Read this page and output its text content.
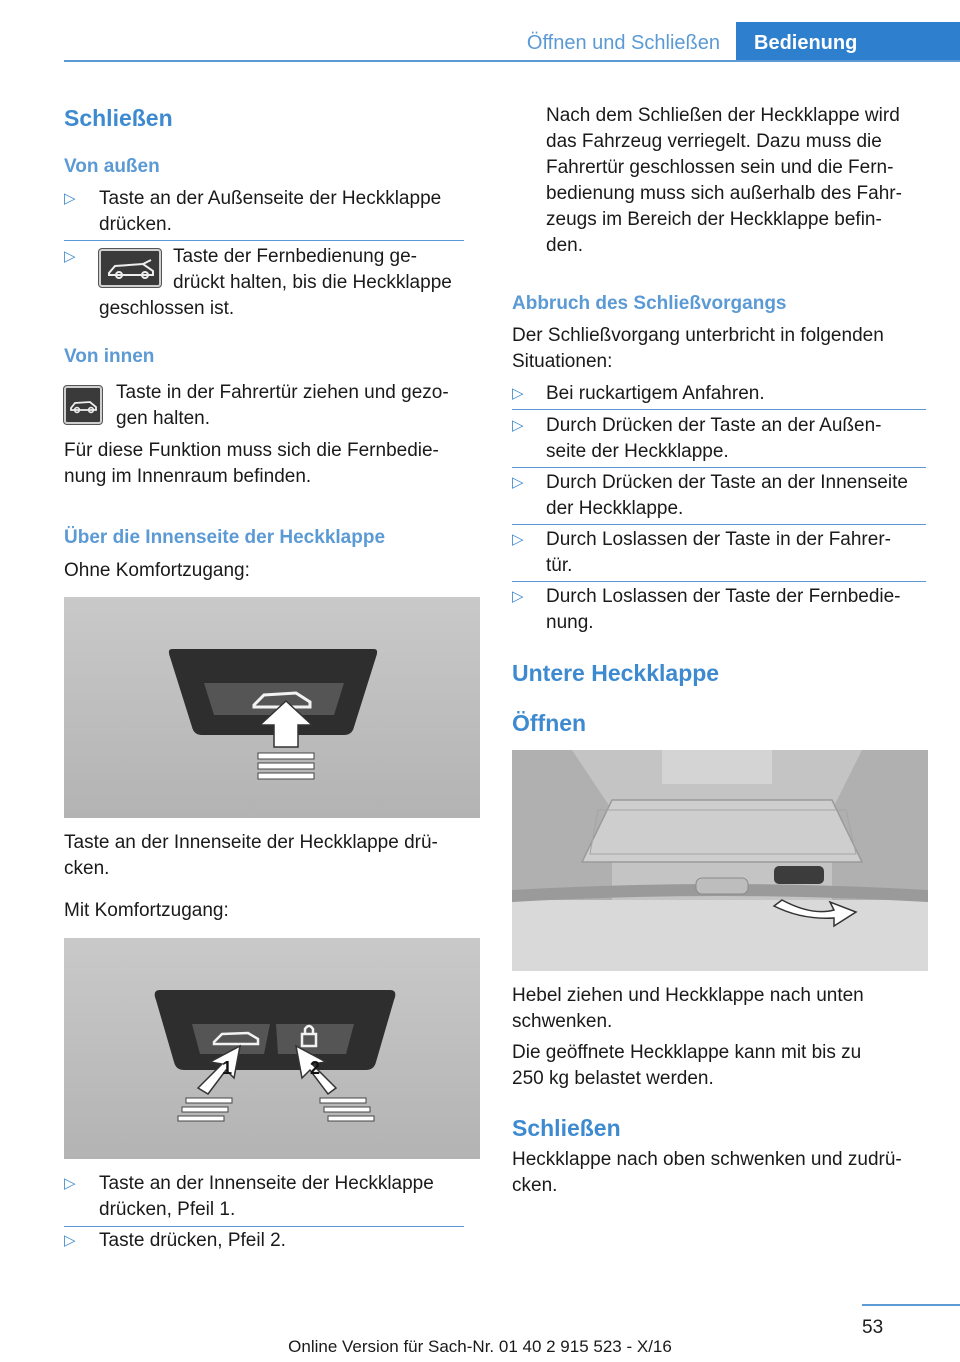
Öffnen und Schließen	Bedienung
Schließen
Von außen
▷ Taste an der Außenseite der Heckklappe
drücken.
▷	Taste der Fernbedienung ge-
drückt halten, bis die Heckklappe
geschlossen ist.
Von innen
Taste in der Fahrertür ziehen und gezo-
gen halten.
Für diese Funktion muss sich die Fernbedie-
nung im Innenraum befinden.
Über die Innenseite der Heckklappe
Ohne Komfortzugang:
Taste an der Innenseite der Heckklappe drü-
cken.
Mit Komfortzugang:
1	2
▷ Taste an der Innenseite der Heckklappe
drücken, Pfeil 1.
▷ Taste drücken, Pfeil 2.
Nach dem Schließen der Heckklappe wird
das Fahrzeug verriegelt. Dazu muss die
Fahrertür geschlossen sein und die Fern-
bedienung muss sich außerhalb des Fahr-
zeugs im Bereich der Heckklappe befin-
den.
Abbruch des Schließvorgangs
Der Schließvorgang unterbricht in folgenden
Situationen:
▷ Bei ruckartigem Anfahren.
▷ Durch Drücken der Taste an der Außen-
seite der Heckklappe.
▷ Durch Drücken der Taste an der Innenseite
der Heckklappe.
▷ Durch Loslassen der Taste in der Fahrer-
tür.
▷ Durch Loslassen der Taste der Fernbedie-
nung.
Untere Heckklappe
Öffnen
Hebel ziehen und Heckklappe nach unten
schwenken.
Die geöffnete Heckklappe kann mit bis zu
250 kg belastet werden.
Schließen
Heckklappe nach oben schwenken und zudrü-
cken.
53
Online Version für Sach-Nr. 01 40 2 915 523 - X/16
